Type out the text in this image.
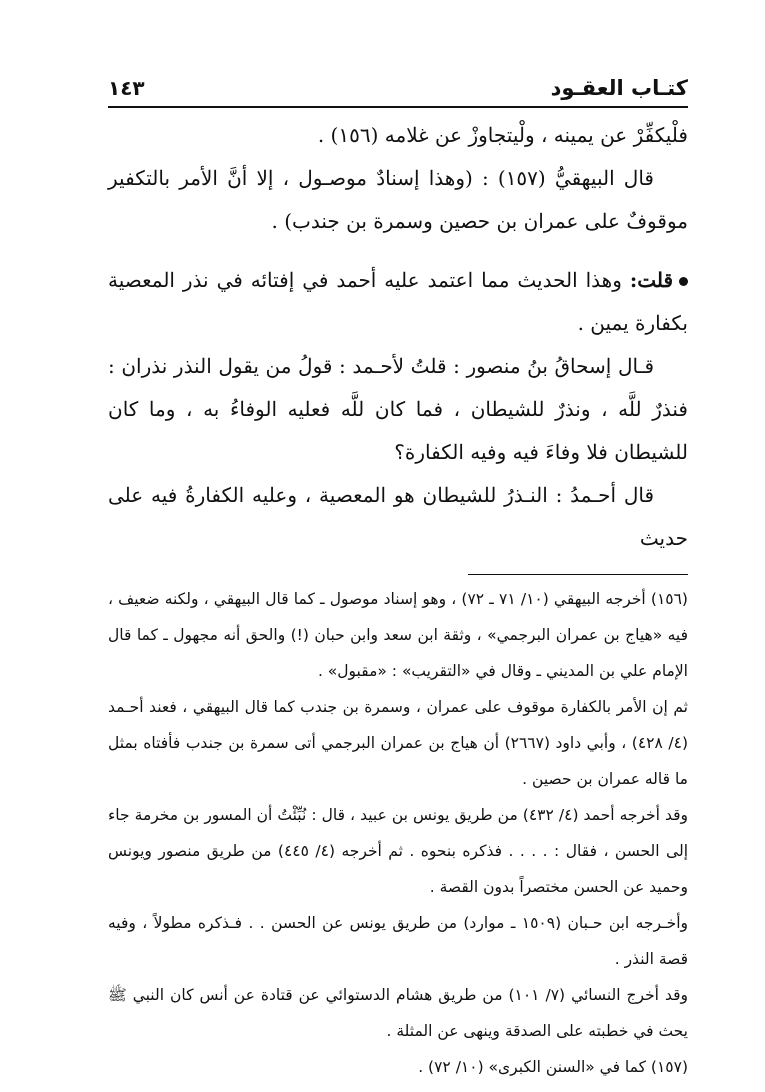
كتـاب العقـود
١٤٣

فلْيكفِّرْ عن يمينه ، ولْيتجاوزْ عن غلامه (١٥٦) .

قال البيهقيُّ (١٥٧) : (وهذا إسنادٌ موصـول ، إلا أنَّ الأمر بالتكفير موقوفٌ على عمران بن حصين وسمرة بن جندب) .

قلت: وهذا الحديث مما اعتمد عليه أحمد في إفتائه في نذر المعصية بكفارة يمين .

قـال إسحاقُ بنُ منصور : قلتُ لأحـمد : قولُ من يقول النذر نذران : فنذرٌ للَّه ، ونذرٌ للشيطان ، فما كان للَّه فعليه الوفاءُ به ، وما كان للشيطان فلا وفاءَ فيه وفيه الكفارة؟

قال أحـمدُ : النـذرُ للشيطان هو المعصية ، وعليه الكفارةُ فيه على حديث

(١٥٦) أخرجه البيهقي (١٠/ ٧١ ـ ٧٢) ، وهو إسناد موصول ـ كما قال البيهقي ، ولكنه ضعيف ، فيه «هياج بن عمران البرجمي» ، وثقة ابن سعد وابن حبان (!) والحق أنه مجهول ـ كما قال الإمام علي بن المديني ـ وقال في «التقريب» : «مقبول» .

ثم إن الأمر بالكفارة موقوف على عمران ، وسمرة بن جندب كما قال البيهقي ، فعند أحـمد (٤/ ٤٢٨) ، وأبي داود (٢٦٦٧) أن هياج بن عمران البرجمي أتى سمرة بن جندب فأفتاه بمثل ما قاله عمران بن حصين .

وقد أخرجه أحمد (٤/ ٤٣٢) من طريق يونس بن عبيد ، قال : نُبِّئْتُ أن المسور بن مخرمة جاء إلى الحسن ، فقال : . . . . فذكره بنحوه . ثم أخرجه (٤/ ٤٤٥) من طريق منصور ويونس وحميد عن الحسن مختصراً بدون القصة .

وأخـرجه ابن حـبان (١٥٠٩ ـ موارد) من طريق يونس عن الحسن . . فـذكره مطولاً ، وفيه قصة النذر .

وقد أخرج النسائي (٧/ ١٠١) من طريق هشام الدستوائي عن قتادة عن أنس كان النبي ﷺ يحث في خطبته على الصدقة وينهى عن المثلة .

(١٥٧) كما في «السنن الكبرى» (١٠/ ٧٢) .
